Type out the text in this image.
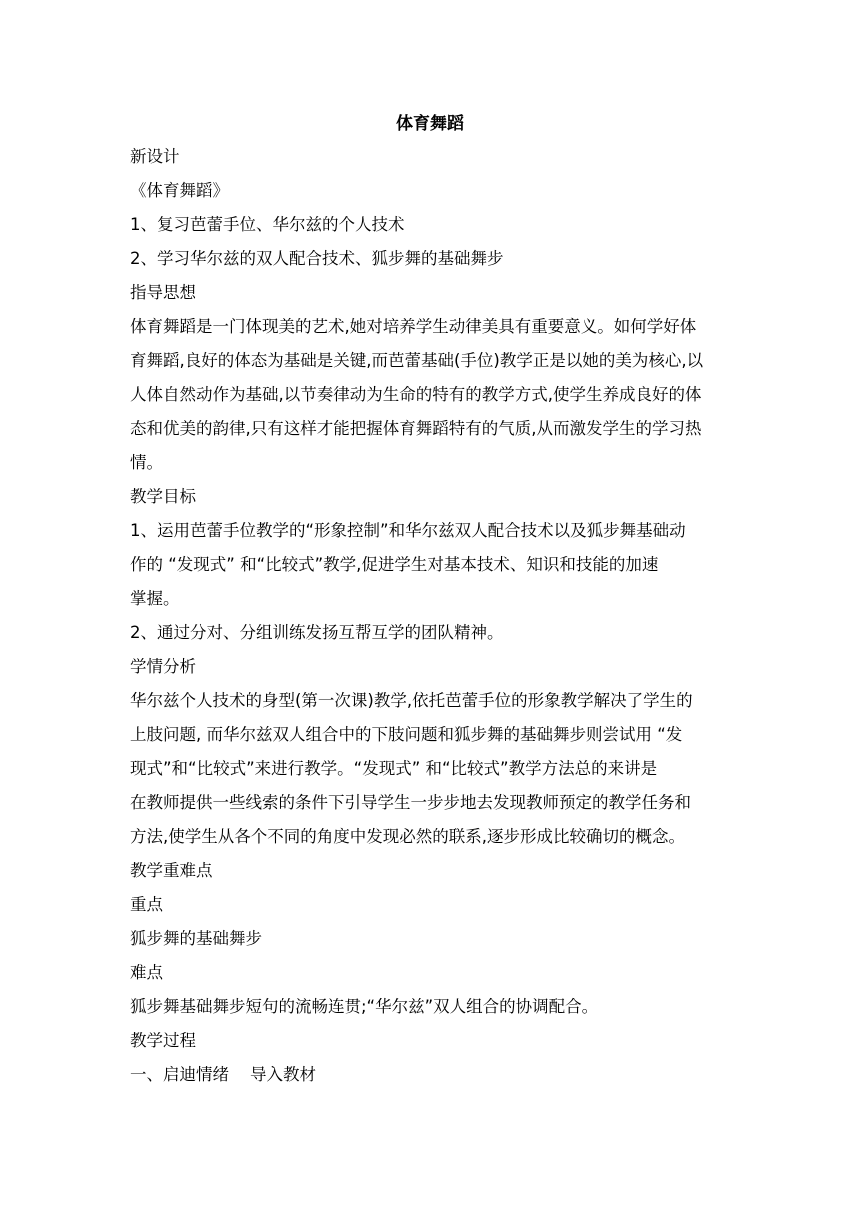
体育舞蹈

新设计

《体育舞蹈》

1、复习芭蕾手位、华尔兹的个人技术

2、学习华尔兹的双人配合技术、狐步舞的基础舞步

指导思想

体育舞蹈是一门体现美的艺术,她对培养学生动律美具有重要意义。如何学好体
育舞蹈,良好的体态为基础是关键,而芭蕾基础(手位)教学正是以她的美为核心,以
人体自然动作为基础,以节奏律动为生命的特有的教学方式,使学生养成良好的体
态和优美的韵律,只有这样才能把握体育舞蹈特有的气质,从而激发学生的学习热
情。

教学目标

1、运用芭蕾手位教学的“形象控制”和华尔兹双人配合技术以及狐步舞基础动
作的 “发现式” 和“比较式”教学,促进学生对基本技术、知识和技能的加速
掌握。

2、通过分对、分组训练发扬互帮互学的团队精神。

学情分析

华尔兹个人技术的身型(第一次课)教学,依托芭蕾手位的形象教学解决了学生的
上肢问题, 而华尔兹双人组合中的下肢问题和狐步舞的基础舞步则尝试用 “发
现式”和“比较式”来进行教学。“发现式” 和“比较式”教学方法总的来讲是
在教师提供一些线索的条件下引导学生一步步地去发现教师预定的教学任务和
方法,使学生从各个不同的角度中发现必然的联系,逐步形成比较确切的概念。

教学重难点

重点

狐步舞的基础舞步

难点

狐步舞基础舞步短句的流畅连贯;“华尔兹”双人组合的协调配合。

教学过程

一、启迪情绪    导入教材
